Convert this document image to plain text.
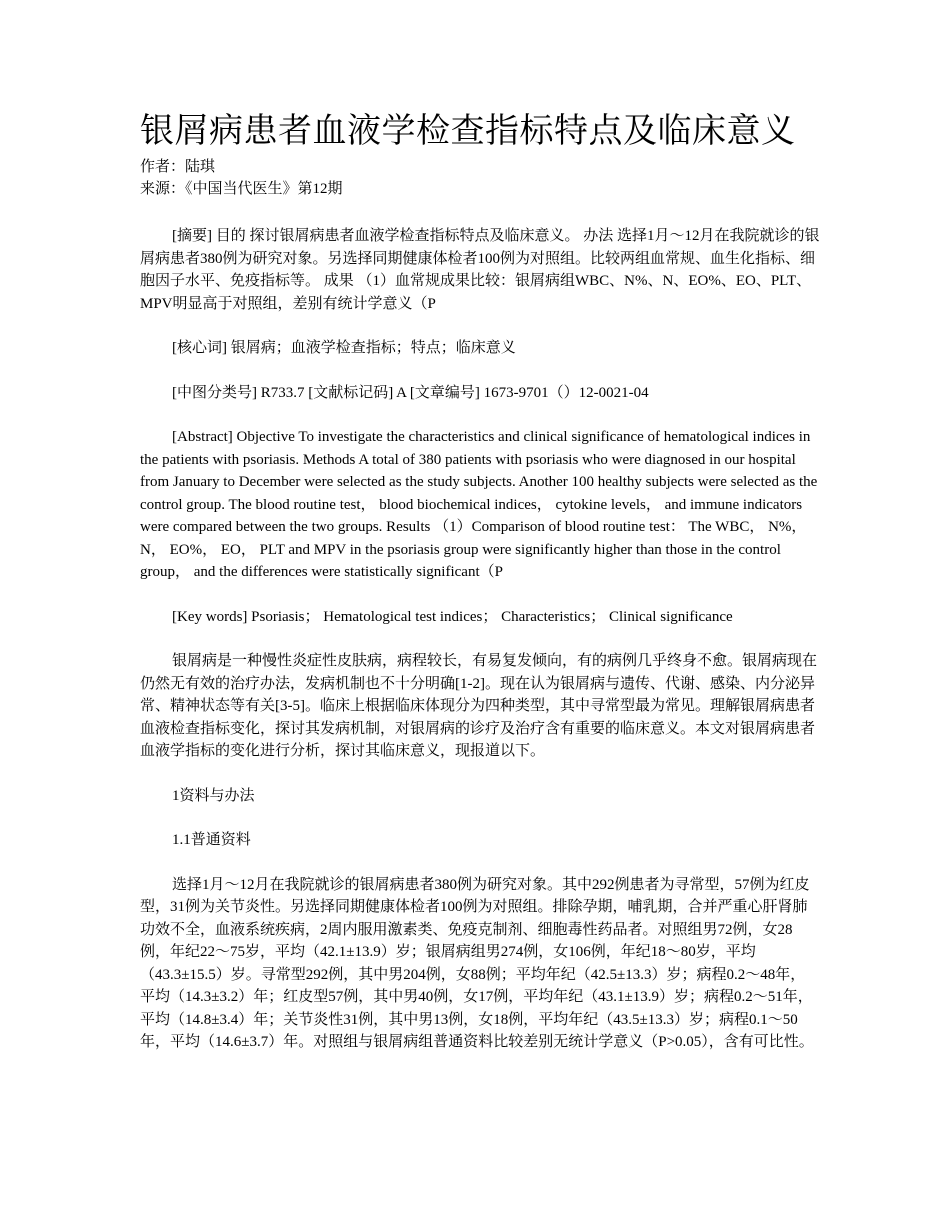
银屑病患者血液学检查指标特点及临床意义

作者：陆琪

来源：《中国当代医生》第12期

[摘要] 目的 探讨银屑病患者血液学检查指标特点及临床意义。 办法 选择1月～12月在我院就诊的银屑病患者380例为研究对象。另选择同期健康体检者100例为对照组。比较两组血常规、血生化指标、细胞因子水平、免疫指标等。 成果 （1）血常规成果比较：银屑病组WBC、N%、N、EO%、EO、PLT、MPV明显高于对照组，差别有统计学意义（P

[核心词] 银屑病；血液学检查指标；特点；临床意义

[中图分类号] R733.7 [文献标记码] A [文章编号] 1673-9701（）12-0021-04

[Abstract] Objective To investigate the characteristics and clinical significance of hematological indices in the patients with psoriasis. Methods A total of 380 patients with psoriasis who were diagnosed in our hospital from January to December were selected as the study subjects. Another 100 healthy subjects were selected as the control group. The blood routine test， blood biochemical indices， cytokine levels， and immune indicators were compared between the two groups. Results （1）Comparison of blood routine test： The WBC， N%， N， EO%， EO， PLT and MPV in the psoriasis group were significantly higher than those in the control group， and the differences were statistically significant（P

[Key words] Psoriasis； Hematological test indices； Characteristics； Clinical significance

银屑病是一种慢性炎症性皮肤病，病程较长，有易复发倾向，有的病例几乎终身不愈。银屑病现在仍然无有效的治疗办法，发病机制也不十分明确[1-2]。现在认为银屑病与遗传、代谢、感染、内分泌异常、精神状态等有关[3-5]。临床上根据临床体现分为四种类型，其中寻常型最为常见。理解银屑病患者血液检查指标变化，探讨其发病机制，对银屑病的诊疗及治疗含有重要的临床意义。本文对银屑病患者血液学指标的变化进行分析，探讨其临床意义，现报道以下。

1资料与办法

1.1普通资料

选择1月～12月在我院就诊的银屑病患者380例为研究对象。其中292例患者为寻常型，57例为红皮型，31例为关节炎性。另选择同期健康体检者100例为对照组。排除孕期，哺乳期，合并严重心肝肾肺功效不全，血液系统疾病，2周内服用激素类、免疫克制剂、细胞毒性药品者。对照组男72例，女28例，年纪22～75岁，平均（42.1±13.9）岁；银屑病组男274例，女106例，年纪18～80岁，平均（43.3±15.5）岁。寻常型292例，其中男204例，女88例；平均年纪（42.5±13.3）岁；病程0.2～48年，平均（14.3±3.2）年；红皮型57例，其中男40例，女17例，平均年纪（43.1±13.9）岁；病程0.2～51年，平均（14.8±3.4）年；关节炎性31例，其中男13例，女18例，平均年纪（43.5±13.3）岁；病程0.1～50年，平均（14.6±3.7）年。对照组与银屑病组普通资料比较差别无统计学意义（P>0.05），含有可比性。
